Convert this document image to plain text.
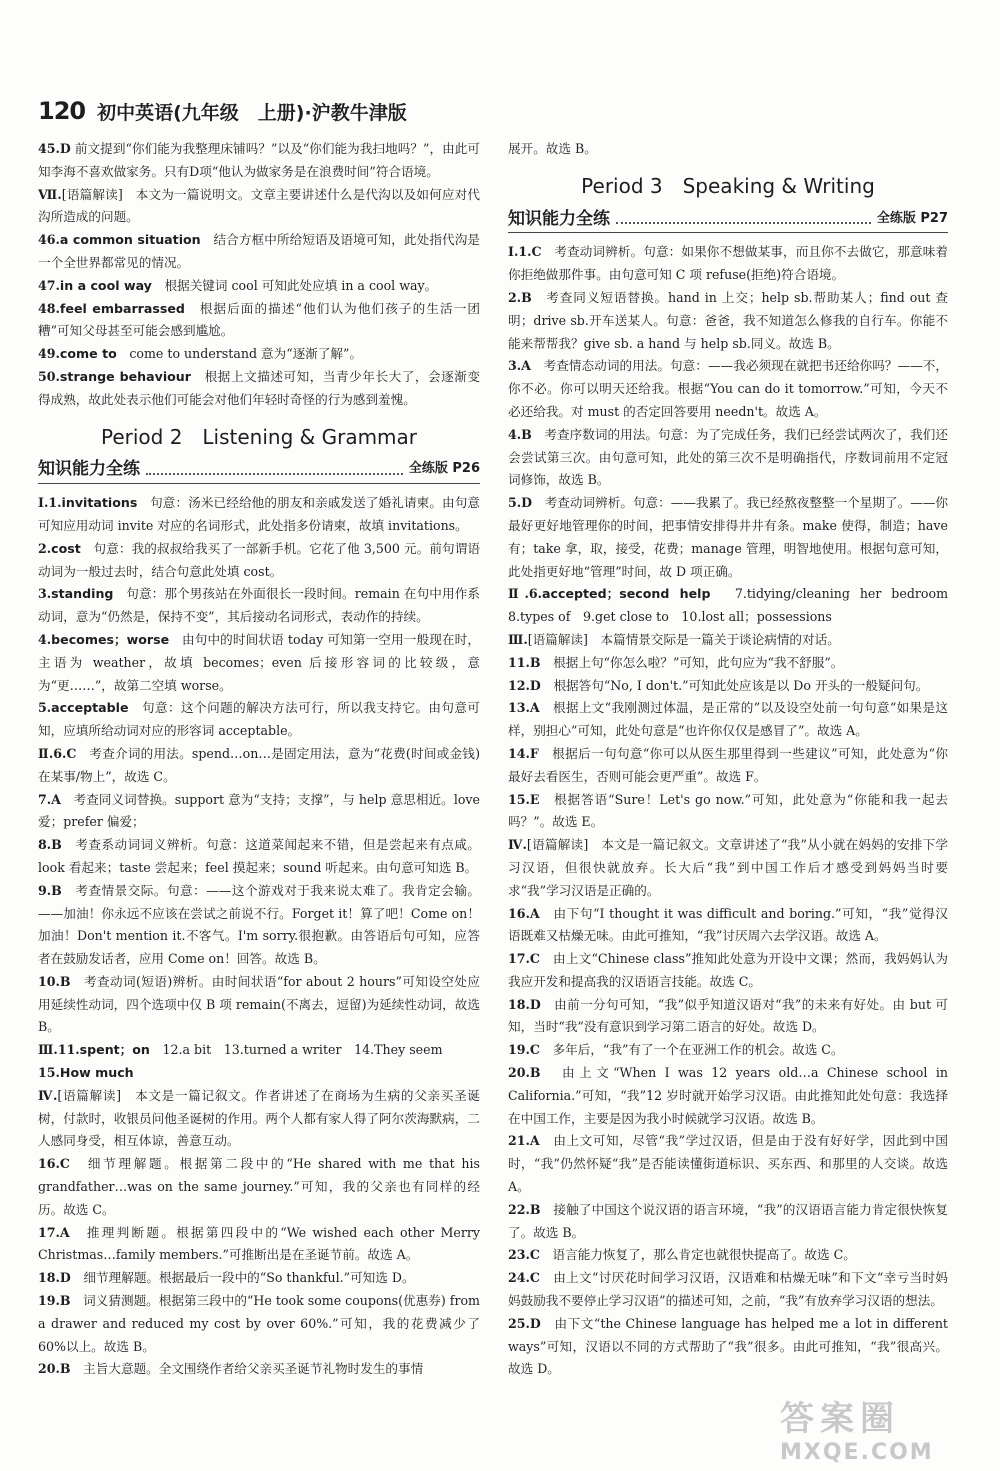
120 初中英语(九年级　上册)·沪教牛津版

45.D 前文提到“你们能为我整理床铺吗？”以及“你们能为我扫地吗？”，由此可知李海不喜欢做家务。只有D项“他认为做家务是在浪费时间”符合语境。

Ⅶ.[语篇解读]　本文为一篇说明文。文章主要讲述什么是代沟以及如何应对代沟所造成的问题。

46.a common situation　结合方框中所给短语及语境可知，此处指代沟是一个全世界都常见的情况。

47.in a cool way　根据关键词 cool 可知此处应填 in a cool way。

48.feel embarrassed　根据后面的描述“他们认为他们孩子的生活一团糟”可知父母甚至可能会感到尴尬。

49.come to　come to understand 意为“逐渐了解”。

50.strange behaviour　根据上文描述可知，当青少年长大了，会逐渐变得成熟，故此处表示他们可能会对他们年轻时奇怪的行为感到羞愧。

Period 2　Listening & Grammar
知识能力全练	全练版 P26

Ⅰ.1.invitations　句意：汤米已经给他的朋友和亲戚发送了婚礼请柬。由句意可知应用动词 invite 对应的名词形式，此处指多份请柬，故填 invitations。

2.cost　句意：我的叔叔给我买了一部新手机。它花了他 3,500 元。前句谓语动词为一般过去时，结合句意此处填 cost。

3.standing　句意：那个男孩站在外面很长一段时间。remain 在句中用作系动词，意为“仍然是，保持不变”，其后接动名词形式，表动作的持续。

4.becomes；worse　由句中的时间状语 today 可知第一空用一般现在时，主语为 weather，故填 becomes；even 后接形容词的比较级，意为“更……”，故第二空填 worse。

5.acceptable　句意：这个问题的解决方法可行，所以我支持它。由句意可知，应填所给动词对应的形容词 acceptable。

Ⅱ.6.C　考查介词的用法。spend…on…是固定用法，意为“花费(时间或金钱)在某事/物上”，故选 C。

7.A　考查同义词替换。support 意为“支持；支撑”，与 help 意思相近。love 爱；prefer 偏爱；

8.B　考查系动词词义辨析。句意：这道菜闻起来不错，但是尝起来有点咸。look 看起来；taste 尝起来；feel 摸起来；sound 听起来。由句意可知选 B。

9.B　考查情景交际。句意：——这个游戏对于我来说太难了。我肯定会输。——加油！你永远不应该在尝试之前说不行。Forget it！算了吧！Come on！加油！Don't mention it.不客气。I'm sorry.很抱歉。由答语后句可知，应答者在鼓励发话者，应用 Come on！回答。故选 B。

10.B　考查动词(短语)辨析。由时间状语“for about 2 hours”可知设空处应用延续性动词，四个选项中仅 B 项 remain(不离去，逗留)为延续性动词，故选 B。

Ⅲ.11.spent；on　12.a bit　13.turned a writer　14.They seem

15.How much

Ⅳ.[语篇解读]　本文是一篇记叙文。作者讲述了在商场为生病的父亲买圣诞树，付款时，收银员问他圣诞树的作用。两个人都有家人得了阿尔茨海默病，二人感同身受，相互体谅，善意互动。

16.C　细节理解题。根据第二段中的“He shared with me that his grandfather…was on the same journey.”可知，我的父亲也有同样的经历。故选 C。

17.A　推理判断题。根据第四段中的“We wished each other Merry Christmas…family members.”可推断出是在圣诞节前。故选 A。

18.D　细节理解题。根据最后一段中的“So thankful.”可知选 D。

19.B　词义猜测题。根据第三段中的“He took some coupons(优惠券) from a drawer and reduced my cost by over 60%.”可知，我的花费减少了 60%以上。故选 B。

20.B　主旨大意题。全文围绕作者给父亲买圣诞节礼物时发生的事情

展开。故选 B。

Period 3　Speaking & Writing
知识能力全练	全练版 P27

Ⅰ.1.C　考查动词辨析。句意：如果你不想做某事，而且你不去做它，那意味着你拒绝做那件事。由句意可知 C 项 refuse(拒绝)符合语境。

2.B　考查同义短语替换。hand in 上交；help sb.帮助某人；find out 查明；drive sb.开车送某人。句意：爸爸，我不知道怎么修我的自行车。你能不能来帮帮我？give sb. a hand 与 help sb.同义。故选 B。

3.A　考查情态动词的用法。句意：——我必须现在就把书还给你吗？——不，你不必。你可以明天还给我。根据“You can do it tomorrow.”可知，今天不必还给我。对 must 的否定回答要用 needn't。故选 A。

4.B　考查序数词的用法。句意：为了完成任务，我们已经尝试两次了，我们还会尝试第三次。由句意可知，此处的第三次不是明确指代，序数词前用不定冠词修饰，故选 B。

5.D　考查动词辨析。句意：——我累了。我已经熬夜整整一个星期了。——你最好更好地管理你的时间，把事情安排得井井有条。make 使得，制造；have 有；take 拿，取，接受，花费；manage 管理，明智地使用。根据句意可知，此处指更好地“管理”时间，故 D 项正确。

Ⅱ.6.accepted；second help　7.tidying/cleaning her bedroom　8.types of　9.get close to　10.lost all；possessions

Ⅲ.[语篇解读]　本篇情景交际是一篇关于谈论病情的对话。

11.B　根据上句“你怎么啦？”可知，此句应为“我不舒服”。

12.D　根据答句“No, I don't.”可知此处应该是以 Do 开头的一般疑问句。

13.A　根据上文“我刚测过体温，是正常的”以及设空处前一句句意“如果是这样，别担心”可知，此处句意是“也许你仅仅是感冒了”。故选 A。

14.F　根据后一句句意“你可以从医生那里得到一些建议”可知，此处意为“你最好去看医生，否则可能会更严重”。故选 F。

15.E　根据答语“Sure！Let's go now.”可知，此处意为“你能和我一起去吗？”。故选 E。

Ⅳ.[语篇解读]　本文是一篇记叙文。文章讲述了“我”从小就在妈妈的安排下学习汉语，但很快就放弃。长大后“我”到中国工作后才感受到妈妈当时要求“我”学习汉语是正确的。

16.A　由下句“I thought it was difficult and boring.”可知，“我”觉得汉语既难又枯燥无味。由此可推知，“我”讨厌周六去学汉语。故选 A。

17.C　由上文“Chinese class”推知此处意为开设中文课；然而，我妈妈认为我应开发和提高我的汉语语言技能。故选 C。

18.D　由前一分句可知，“我”似乎知道汉语对“我”的未来有好处。由 but 可知，当时“我”没有意识到学习第二语言的好处。故选 D。

19.C　多年后，“我”有了一个在亚洲工作的机会。故选 C。

20.B　由上文“When I was 12 years old…a Chinese school in California.”可知，“我”12 岁时就开始学习汉语。由此推知此处句意：我选择在中国工作，主要是因为我小时候就学习汉语。故选 B。

21.A　由上文可知，尽管“我”学过汉语，但是由于没有好好学，因此到中国时，“我”仍然怀疑“我”是否能读懂街道标识、买东西、和那里的人交谈。故选 A。

22.B　接触了中国这个说汉语的语言环境，“我”的汉语语言能力肯定很快恢复了。故选 B。

23.C　语言能力恢复了，那么肯定也就很快提高了。故选 C。

24.C　由上文“讨厌花时间学习汉语，汉语难和枯燥无味”和下文“幸亏当时妈妈鼓励我不要停止学习汉语”的描述可知，之前，“我”有放弃学习汉语的想法。

25.D　由下文“the Chinese language has helped me a lot in different ways”可知，汉语以不同的方式帮助了“我”很多。由此可推知，“我”很高兴。故选 D。

答案圈
MXQE.COM
